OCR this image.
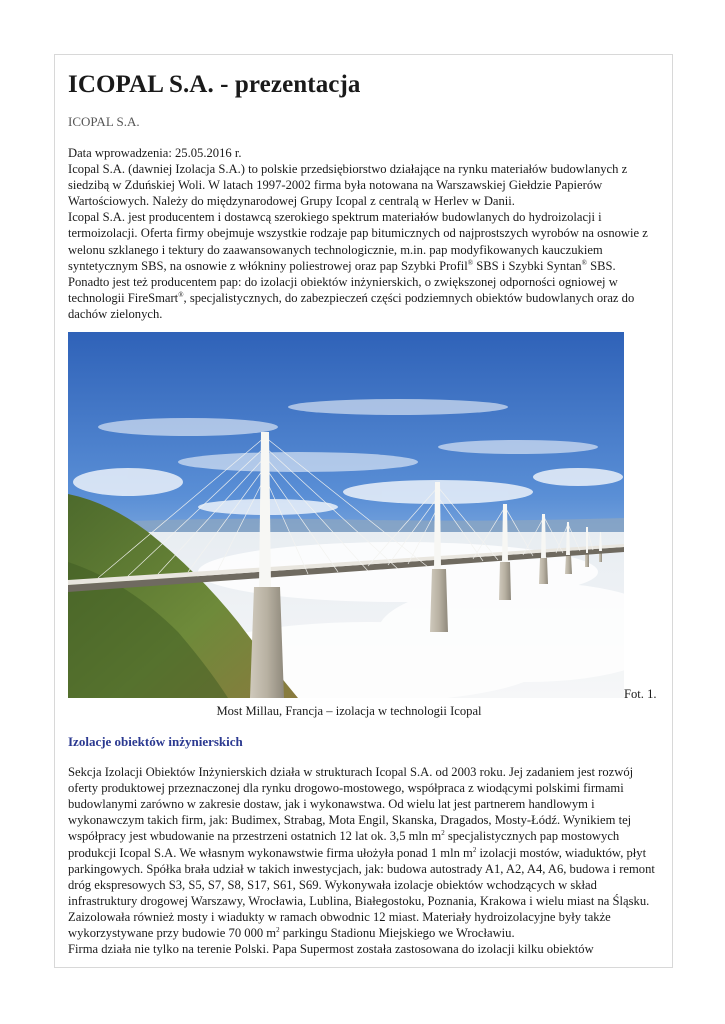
ICOPAL S.A. - prezentacja
ICOPAL S.A.

Data wprowadzenia: 25.05.2016 r.

Icopal S.A. (dawniej Izolacja S.A.) to polskie przedsiębiorstwo działające na rynku materiałów budowlanych z siedzibą w Zduńskiej Woli. W latach 1997-2002 firma była notowana na Warszawskiej Giełdzie Papierów Wartościowych. Należy do międzynarodowej Grupy Icopal z centralą w Herlev w Danii.

Icopal S.A. jest producentem i dostawcą szerokiego spektrum materiałów budowlanych do hydroizolacji i termoizolacji. Oferta firmy obejmuje wszystkie rodzaje pap bitumicznych od najprostszych wyrobów na osnowie z welonu szklanego i tektury do zaawansowanych technologicznie, m.in. pap modyfikowanych kauczukiem syntetycznym SBS, na osnowie z włókniny poliestrowej oraz pap Szybki Profil® SBS i Szybki Syntan® SBS. Ponadto jest też producentem pap: do izolacji obiektów inżynierskich, o zwiększonej odporności ogniowej w technologii FireSmart®, specjalistycznych, do zabezpieczeń części podziemnych obiektów budowlanych oraz do dachów zielonych.

Fot. 1.
Most Millau, Francja – izolacja w technologii Icopal
Izolacje obiektów inżynierskich

Sekcja Izolacji Obiektów Inżynierskich działa w strukturach Icopal S.A. od 2003 roku. Jej zadaniem jest rozwój oferty produktowej przeznaczonej dla rynku drogowo-mostowego, współpraca z wiodącymi polskimi firmami budowlanymi zarówno w zakresie dostaw, jak i wykonawstwa. Od wielu lat jest partnerem handlowym i wykonawczym takich firm, jak: Budimex, Strabag, Mota Engil, Skanska, Dragados, Mosty-Łódź. Wynikiem tej współpracy jest wbudowanie na przestrzeni ostatnich 12 lat ok. 3,5 mln $m^2$ specjalistycznych pap mostowych produkcji Icopal S.A. We własnym wykonawstwie firma ułożyła ponad 1 mln $m^2$ izolacji mostów, wiaduktów, płyt parkingowych. Spółka brała udział w takich inwestycjach, jak: budowa autostrady A1, A2, A4, A6, budowa i remont dróg ekspresowych S3, S5, S7, S8, S17, S61, S69. Wykonywała izolacje obiektów wchodzących w skład infrastruktury drogowej Warszawy, Wrocławia, Lublina, Białegostoku, Poznania, Krakowa i wielu miast na Śląsku. Zaizolowała również mosty i wiadukty w ramach obwodnic 12 miast. Materiały hydroizolacyjne były także wykorzystywane przy budowie 70 000 $m^2$ parkingu Stadionu Miejskiego we Wrocławiu.

Firma działa nie tylko na terenie Polski. Papa Supermost została zastosowana do izolacji kilku obiektów
